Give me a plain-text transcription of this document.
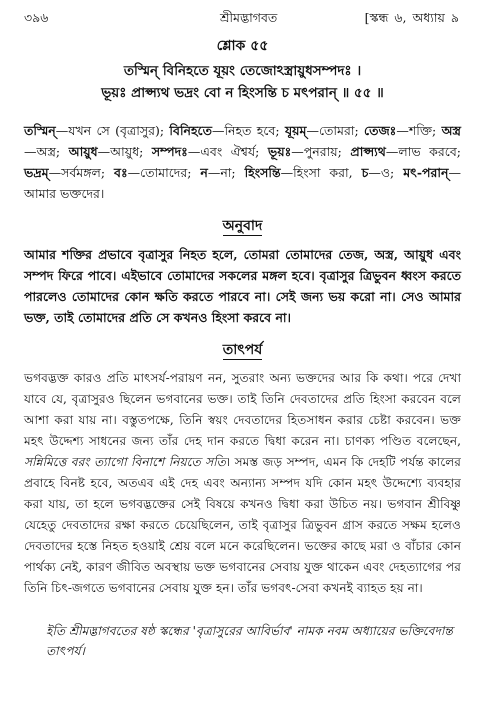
৩৯৬	শ্রীমদ্ভাগবত	[স্কন্ধ ৬, অধ্যায় ৯
শ্লোক ৫৫
তস্মিন্ বিনিহতে যূয়ং তেজোঽস্ত্রায়ুধসম্পদঃ ।
ভূয়ঃ প্রাপ্স্যথ ভদ্রং বো ন হিংসন্তি চ মৎপরান্ ॥ ৫৫ ॥
তস্মিন্—যখন সে (বৃত্রাসুর); বিনিহতে—নিহত হবে; যূয়ম্—তোমরা; তেজঃ—শক্তি; অস্ত্র—অস্ত্র; আয়ুধ—আয়ুধ; সম্পদঃ—এবং ঐশ্বর্য; ভূয়ঃ—পুনরায়; প্রাপ্স্যথ—লাভ করবে; ভদ্রম্—সর্বমঙ্গল; বঃ—তোমাদের; ন—না; হিংসন্তি—হিংসা করা, চ—ও; মৎ-পরান্—আমার ভক্তদের।
অনুবাদ
আমার শক্তির প্রভাবে বৃত্রাসুর নিহত হলে, তোমরা তোমাদের তেজ, অস্ত্র, আয়ুধ এবং সম্পদ ফিরে পাবে। এইভাবে তোমাদের সকলের মঙ্গল হবে। বৃত্রাসুর ত্রিভুবন ধ্বংস করতে পারলেও তোমাদের কোন ক্ষতি করতে পারবে না। সেই জন্য ভয় করো না। সেও আমার ভক্ত, তাই তোমাদের প্রতি সে কখনও হিংসা করবে না।
তাৎপর্য
ভগবদ্ভক্ত কারও প্রতি মাৎসর্য-পরায়ণ নন, সুতরাং অন্য ভক্তদের আর কি কথা। পরে দেখা যাবে যে, বৃত্রাসুরও ছিলেন ভগবানের ভক্ত। তাই তিনি দেবতাদের প্রতি হিংসা করবেন বলে আশা করা যায় না। বস্তুতপক্ষে, তিনি স্বয়ং দেবতাদের হিতসাধন করার চেষ্টা করবেন। ভক্ত মহৎ উদ্দেশ্য সাধনের জন্য তাঁর দেহ দান করতে দ্বিধা করেন না। চাণক্য পণ্ডিত বলেছেন, সন্নিমিত্তে বরং ত্যাগো বিনাশে নিয়তে সতি। সমস্ত জড় সম্পদ, এমন কি দেহটি পর্যন্ত কালের প্রবাহে বিনষ্ট হবে, অতএব এই দেহ এবং অন্যান্য সম্পদ যদি কোন মহৎ উদ্দেশ্যে ব্যবহার করা যায়, তা হলে ভগবদ্ভক্তের সেই বিষয়ে কখনও দ্বিধা করা উচিত নয়। ভগবান শ্রীবিষ্ণু যেহেতু দেবতাদের রক্ষা করতে চেয়েছিলেন, তাই বৃত্রাসুর ত্রিভুবন গ্রাস করতে সক্ষম হলেও দেবতাদের হস্তে নিহত হওয়াই শ্রেয় বলে মনে করেছিলেন। ভক্তের কাছে মরা ও বাঁচার কোন পার্থক্য নেই, কারণ জীবিত অবস্থায় ভক্ত ভগবানের সেবায় যুক্ত থাকেন এবং দেহত্যাগের পর তিনি চিৎ-জগতে ভগবানের সেবায় যুক্ত হন। তাঁর ভগবৎ-সেবা কখনই ব্যাহত হয় না।
ইতি শ্রীমদ্ভাগবতের ষষ্ঠ স্কন্ধের 'বৃত্রাসুরের আবির্ভাব' নামক নবম অধ্যায়ের ভক্তিবেদান্ত তাৎপর্য।
